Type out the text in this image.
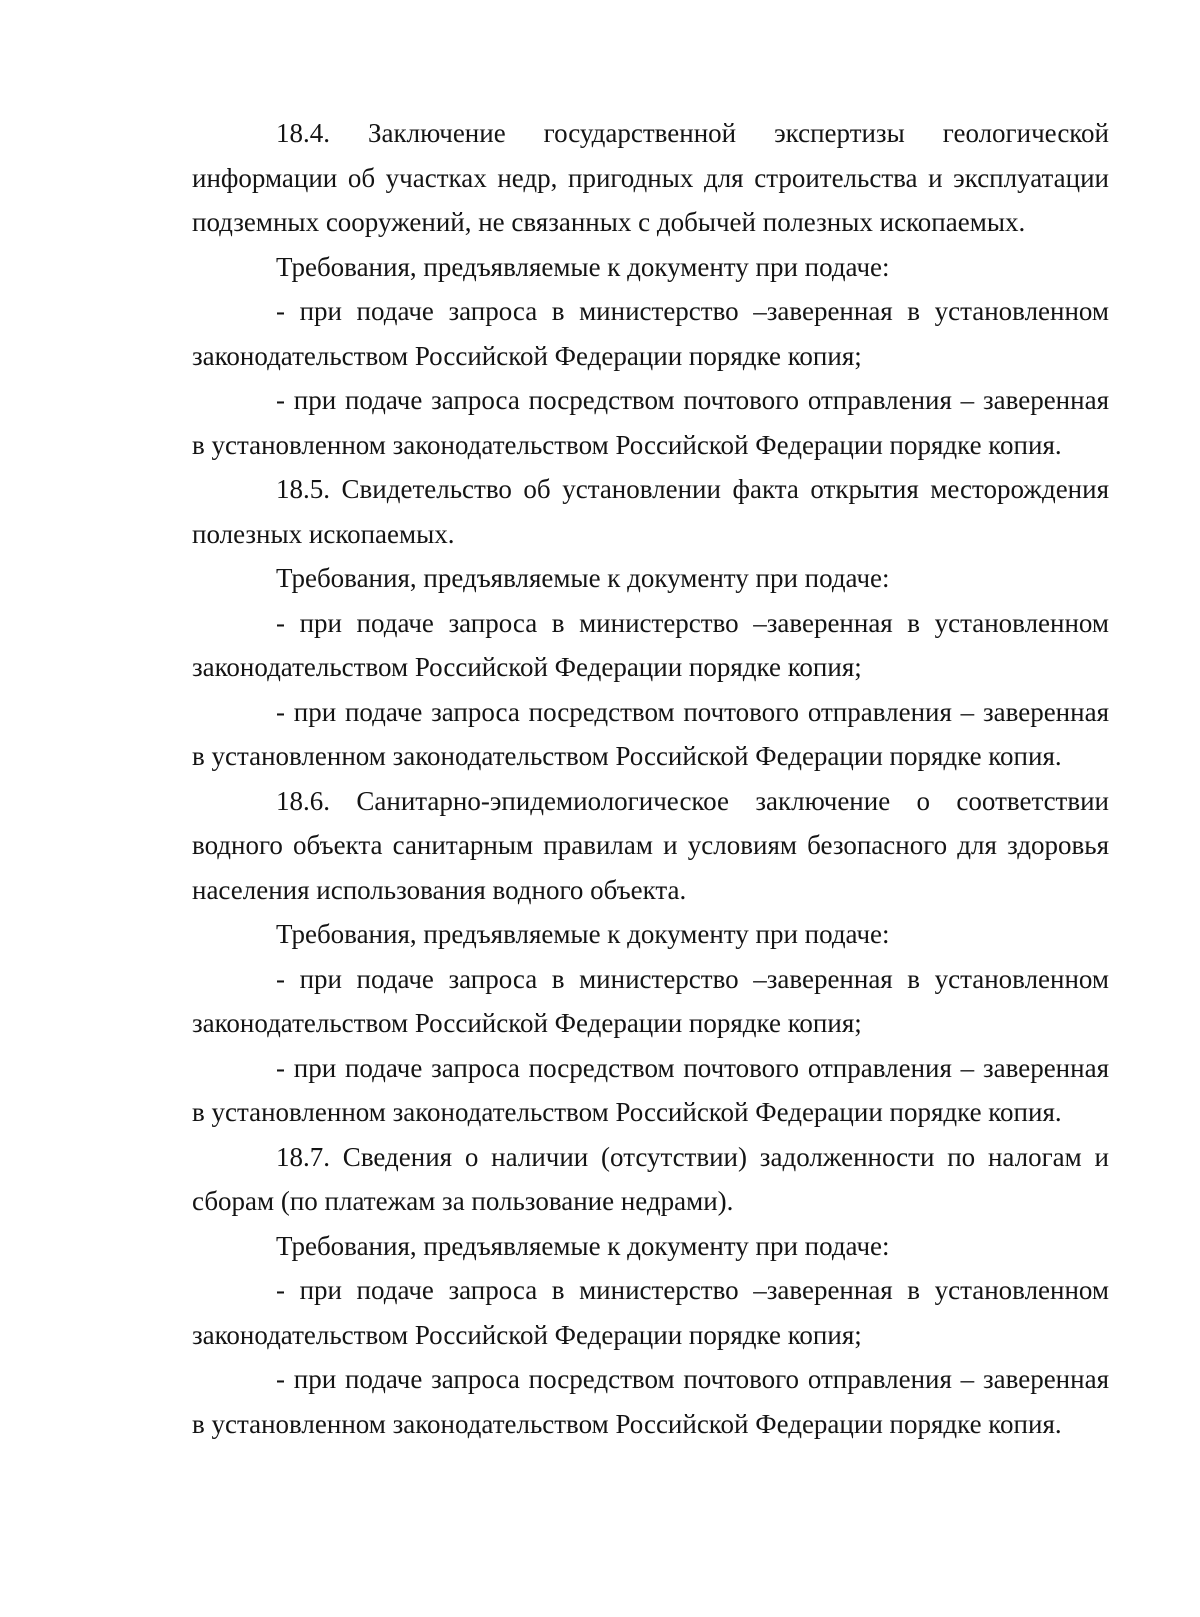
18.4. Заключение государственной экспертизы геологической информации об участках недр, пригодных для строительства и эксплуатации подземных сооружений, не связанных с добычей полезных ископаемых.

Требования, предъявляемые к документу при подаче:

- при подаче запроса в министерство –заверенная в установленном законодательством Российской Федерации порядке копия;

- при подаче запроса посредством почтового отправления – заверенная в установленном законодательством Российской Федерации порядке копия.

18.5. Свидетельство об установлении факта открытия месторождения полезных ископаемых.

Требования, предъявляемые к документу при подаче:

- при подаче запроса в министерство –заверенная в установленном законодательством Российской Федерации порядке копия;

- при подаче запроса посредством почтового отправления – заверенная в установленном законодательством Российской Федерации порядке копия.

18.6. Санитарно-эпидемиологическое заключение о соответствии водного объекта санитарным правилам и условиям безопасного для здоровья населения использования водного объекта.

Требования, предъявляемые к документу при подаче:

- при подаче запроса в министерство –заверенная в установленном законодательством Российской Федерации порядке копия;

- при подаче запроса посредством почтового отправления – заверенная в установленном законодательством Российской Федерации порядке копия.

18.7. Сведения о наличии (отсутствии) задолженности по налогам и сборам (по платежам за пользование недрами).

Требования, предъявляемые к документу при подаче:

- при подаче запроса в министерство –заверенная в установленном законодательством Российской Федерации порядке копия;

- при подаче запроса посредством почтового отправления – заверенная в установленном законодательством Российской Федерации порядке копия.
